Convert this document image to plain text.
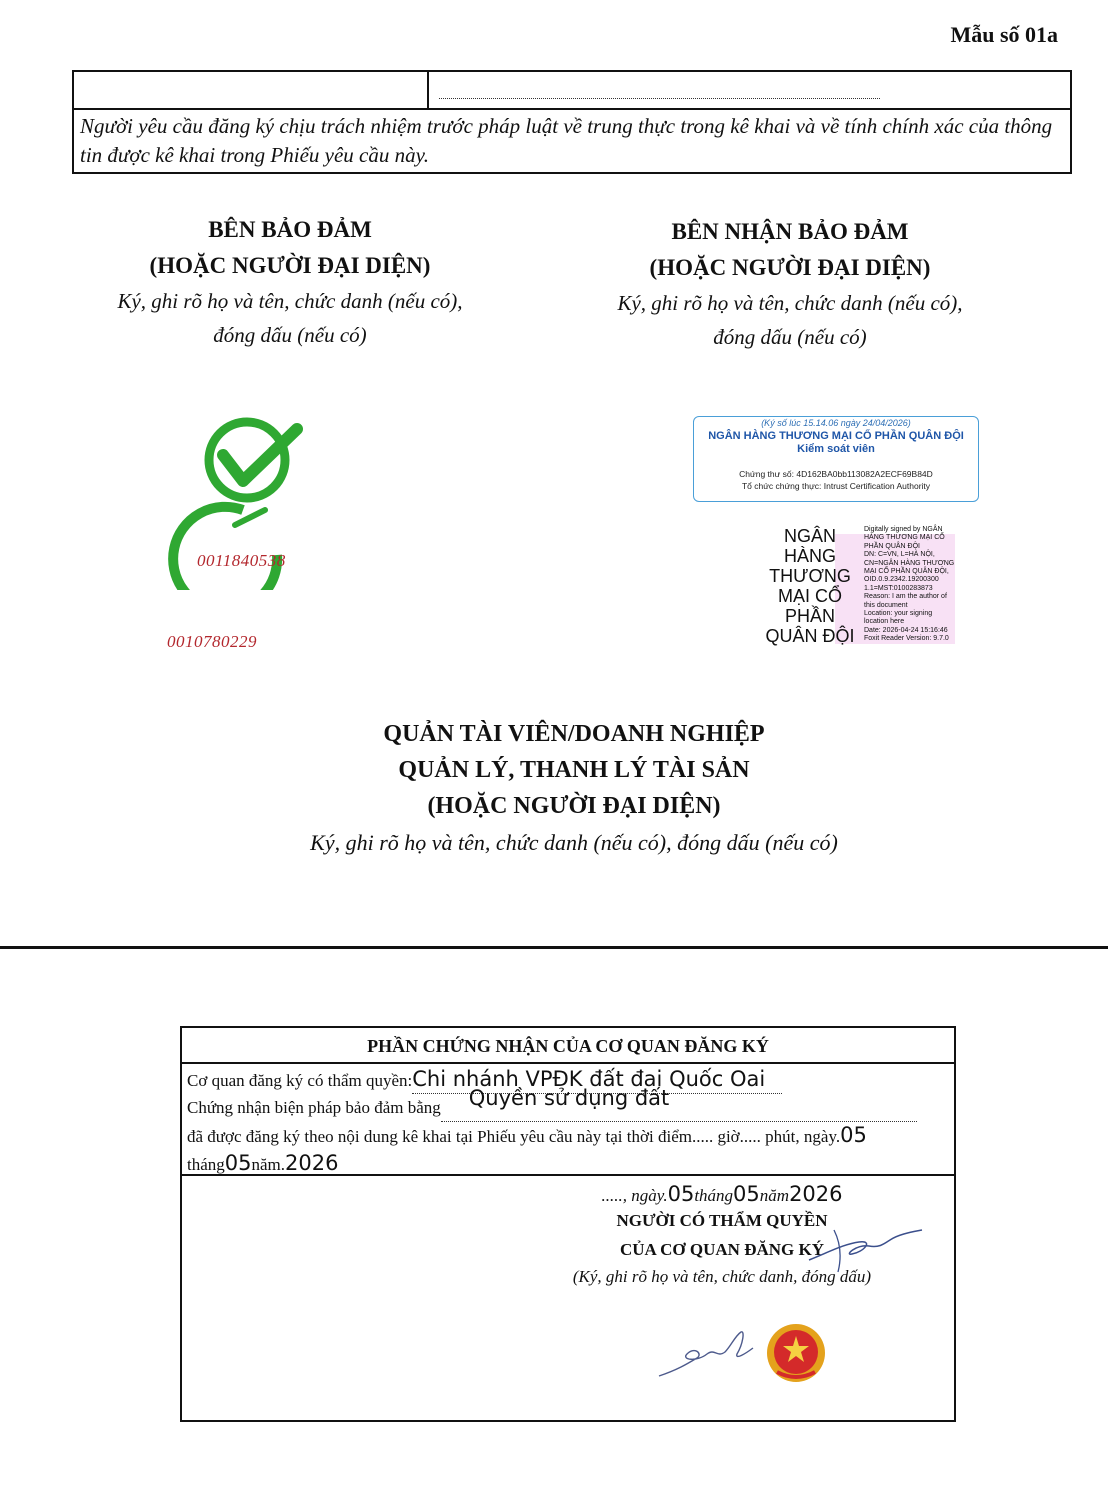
Mẫu số 01a
Người yêu cầu đăng ký chịu trách nhiệm trước pháp luật về trung thực trong kê khai và về tính chính xác của thông tin được kê khai trong Phiếu yêu cầu này.
BÊN BẢO ĐẢM
(HOẶC NGƯỜI ĐẠI DIỆN)
Ký, ghi rõ họ và tên, chức danh (nếu có),
đóng dấu (nếu có)
0011840538
0010780229
BÊN NHẬN BẢO ĐẢM
(HOẶC NGƯỜI ĐẠI DIỆN)
Ký, ghi rõ họ và tên, chức danh (nếu có),
đóng dấu (nếu có)
(Ký số lúc 15.14.06 ngày 24/04/2026)
NGÂN HÀNG THƯƠNG MẠI CỔ PHẦN QUÂN ĐỘI
Kiểm soát viên
Chứng thư số: 4D162BA0bb113082A2ECF69B84D
Tổ chức chứng thực: Intrust Certification Authority
NGÂN
HÀNG
THƯƠNG
MẠI CỔ
PHẦN
QUÂN ĐỘI
Digitally signed by NGÂN
HÀNG THƯƠNG MẠI CỔ
PHẦN QUÂN ĐỘI
DN: C=VN, L=HÀ NỘI,
CN=NGÂN HÀNG THƯƠNG
MẠI CỔ PHẦN QUÂN ĐỘI,
OID.0.9.2342.19200300
1.1=MST:0100283873
Reason: I am the author of
this document
Location: your signing
location here
Date: 2026-04-24 15:16:46
Foxit Reader Version: 9.7.0
QUẢN TÀI VIÊN/DOANH NGHIỆP
QUẢN LÝ, THANH LÝ TÀI SẢN
(HOẶC NGƯỜI ĐẠI DIỆN)
Ký, ghi rõ họ và tên, chức danh (nếu có), đóng dấu (nếu có)
PHẦN CHỨNG NHẬN CỦA CƠ QUAN ĐĂNG KÝ
Cơ quan đăng ký có thẩm quyền:Chi nhánh VPĐK đất đai Quốc Oai
Chứng nhận biện pháp bảo đảm bằng Quyền sử dụng đất

đã được đăng ký theo nội dung kê khai tại Phiếu yêu cầu này tại thời điểm..... giờ..... phút, ngày.05
tháng05năm.2026
....., ngày.05tháng05năm2026
NGƯỜI CÓ THẨM QUYỀN
CỦA CƠ QUAN ĐĂNG KÝ
(Ký, ghi rõ họ và tên, chức danh, đóng dấu)
